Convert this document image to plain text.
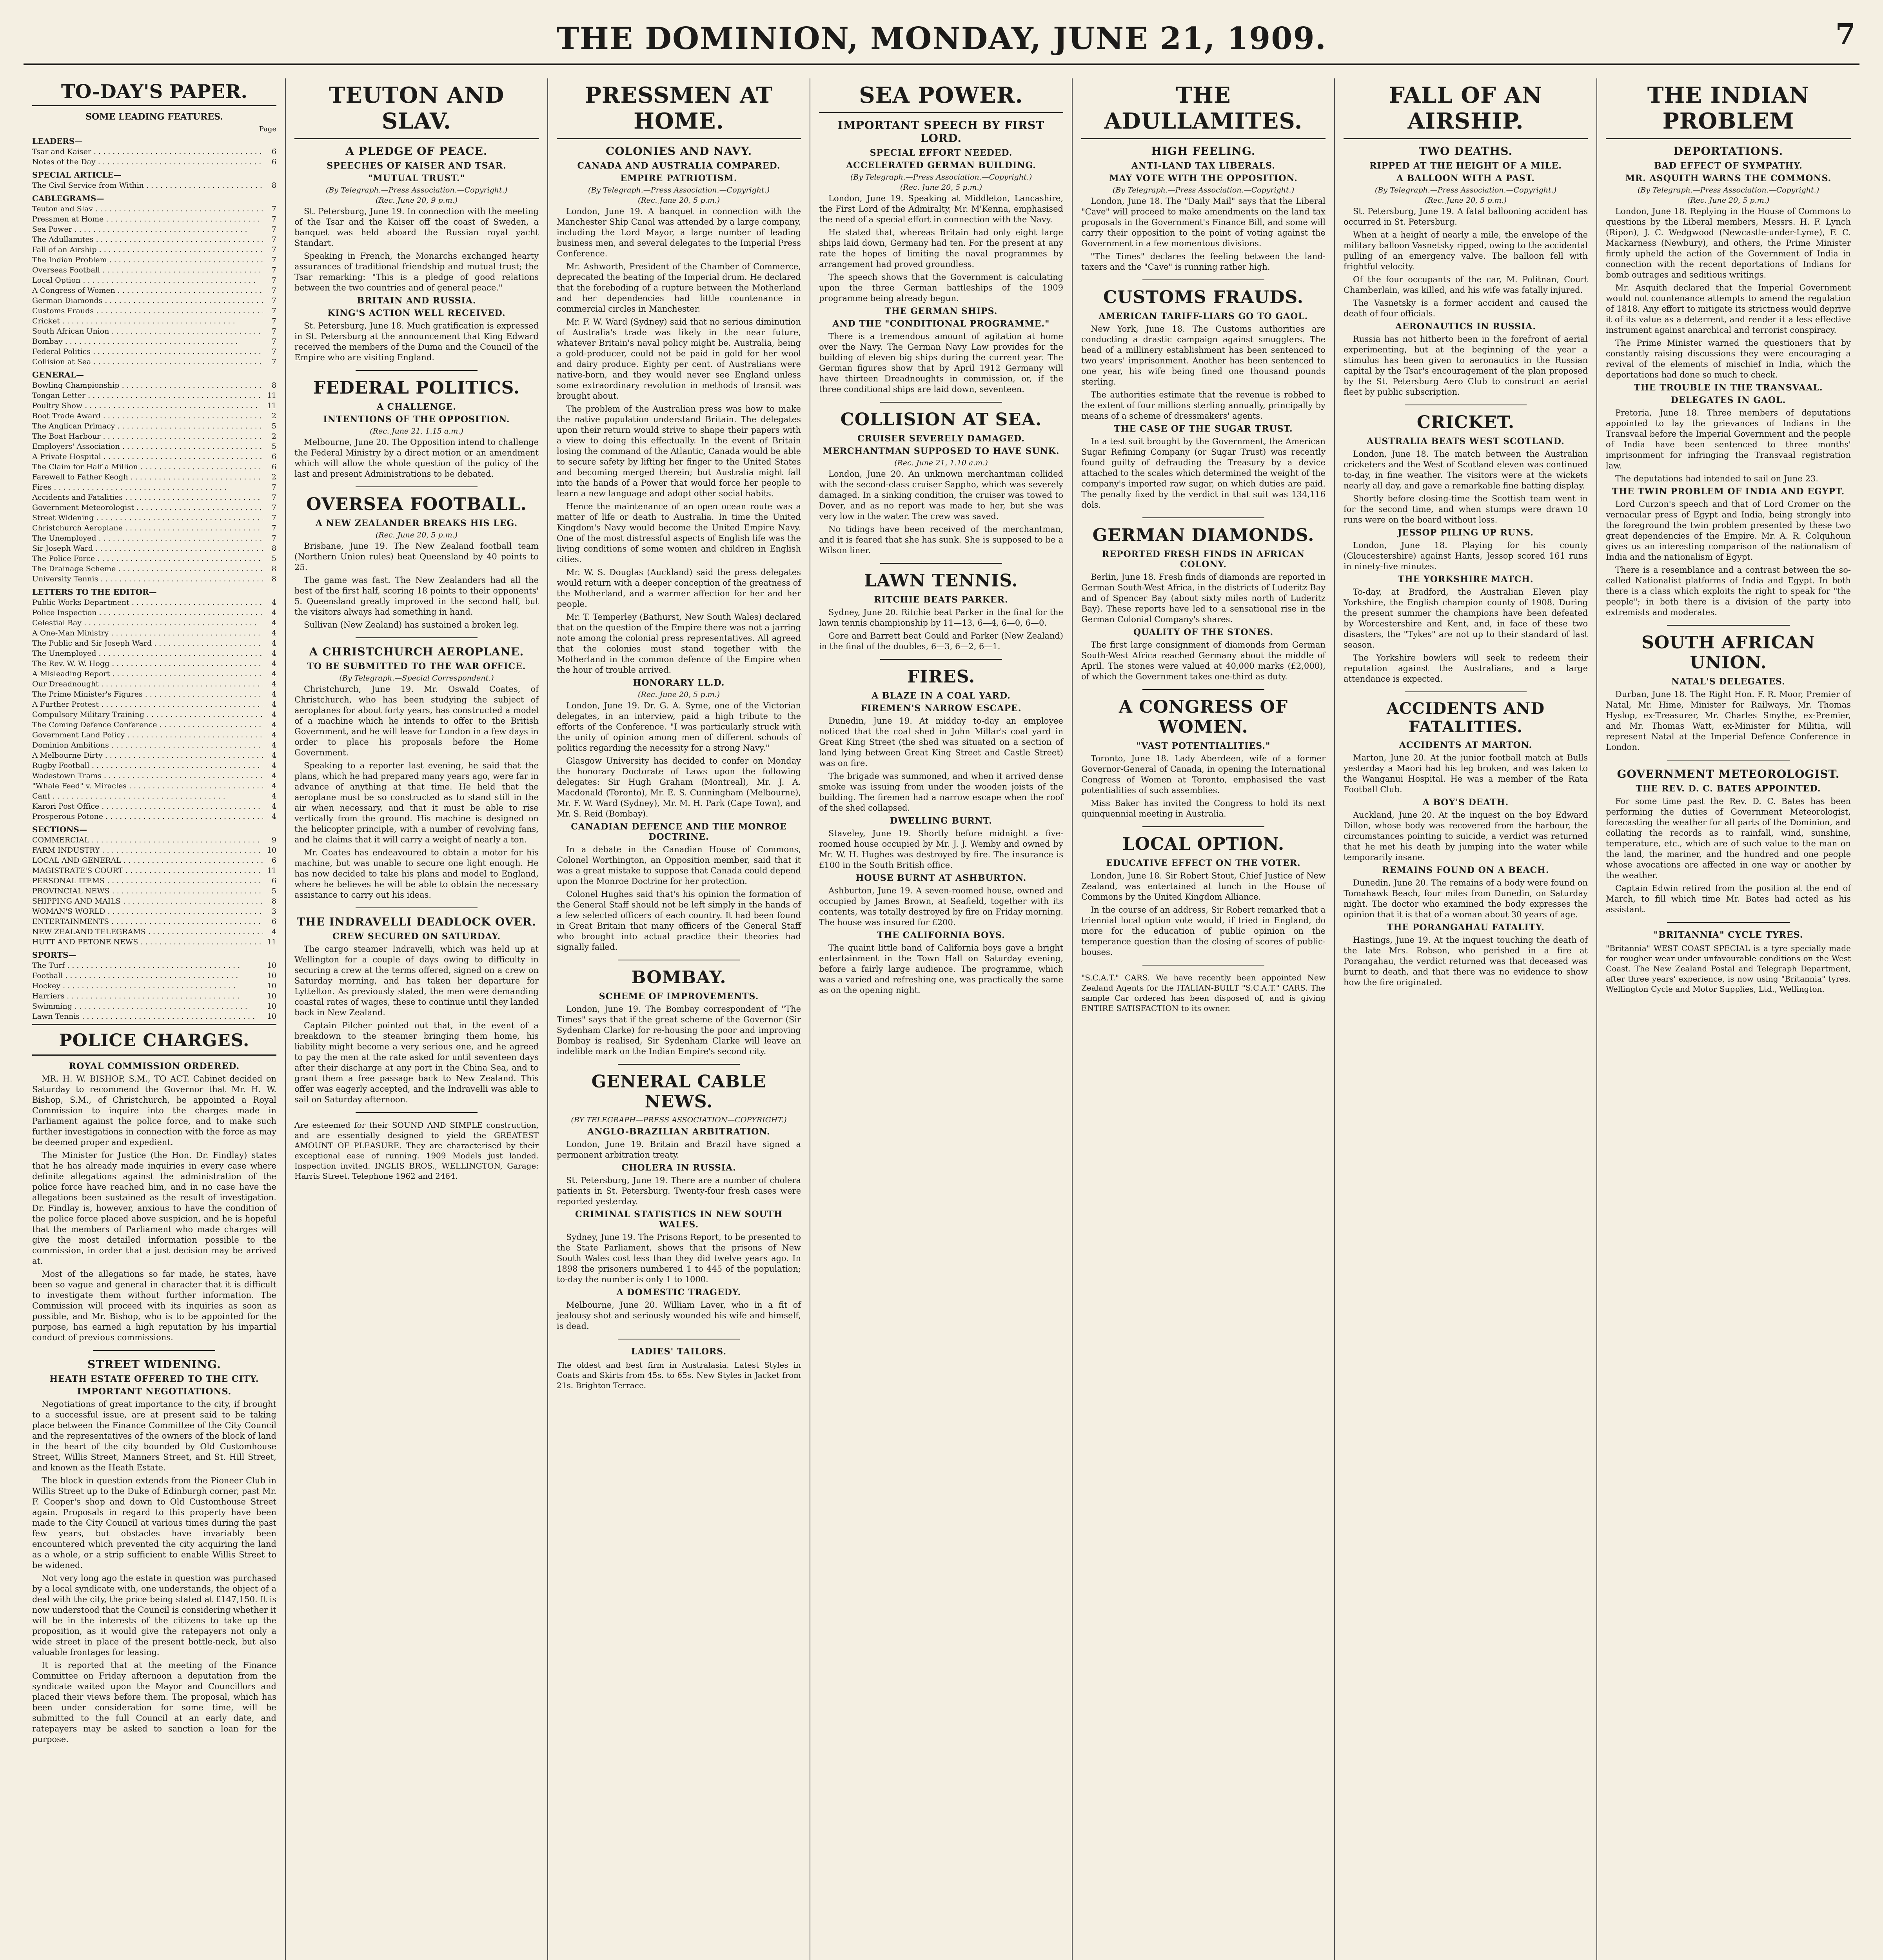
THE DOMINION, MONDAY, JUNE 21, 1909.	7
TO-DAY'S PAPER.
SOME LEADING FEATURES.
Page
LEADERS—
Tsar and Kaiser . . .	6
Notes of the Day . . .	6
SPECIAL ARTICLE—
The Civil Service from Within . . .	8
CABLEGRAMS—
Teuton and Slav . . .	7
Pressmen at Home . . .	7
Sea Power . . .	7
The Adullamites . . .	7
Fall of an Airship . . .	7
The Indian Problem . . .	7
Overseas Football . . .	7
Local Option . . .	7
A Congress of Women . . .	7
German Diamonds . . .	7
Customs Frauds . . .	7
Cricket . . .	7
South African Union . . .	7
Bombay . . .	7
Federal Politics . . .	7
Collision at Sea . . .	7
GENERAL—
Bowling Championship . . .	8
Tongan Letter . . .	11
Poultry Show . . .	11
Boot Trade Award . . .	2
The Anglican Primacy . . .	5
The Boat Harbour . . .	2
Employers' Association . . .	5
A Private Hospital . . .	6
The Claim for Half a Million . . .	6
Farewell to Father Keogh . . .	2
Fires . . .	7
Accidents and Fatalities . . .	7
Government Meteorologist . . .	7
Street Widening . . .	7
Christchurch Aeroplane . . .	7
The Unemployed . . .	7
Sir Joseph Ward . . .	8
The Police Force . . .	5
The Drainage Scheme . . .	8
University Tennis . . .	8
LETTERS TO THE EDITOR—
Public Works Department . . .	4
Police Inspection . . .	4
Celestial Bay . . .	4
A One-Man Ministry . . .	4
The Public and Sir Joseph Ward . . .	4
The Unemployed . . .	4
The Rev. W. W. Hogg . . .	4
A Misleading Report . . .	4
Our Dreadnought . . .	4
The Prime Minister's Figures . . .	4
A Further Protest . . .	4
Compulsory Military Training . . .	4
The Coming Defence Conference . . .	4
Government Land Policy . . .	4
Dominion Ambitions . . .	4
A Melbourne Dirty . . .	4
Rugby Football . . .	4
Wadestown Trams . . .	4
"Whale Feed" v. Miracles . . .	4
Cant . . .	4
Karori Post Office . . .	4
Prosperous Potone . . .	4
SECTIONS—
COMMERCIAL . . .	9
FARM INDUSTRY . . .	10
LOCAL AND GENERAL . . .	6
MAGISTRATE'S COURT . . .	11
PERSONAL ITEMS . . .	6
PROVINCIAL NEWS . . .	5
SHIPPING AND MAILS . . .	8
WOMAN'S WORLD . . .	3
ENTERTAINMENTS . . .	6
NEW ZEALAND TELEGRAMS . . .	4
HUTT AND PETONE NEWS . . .	11
SPORTS—
The Turf . . .	10
Football . . .	10
Hockey . . .	10
Harriers . . .	10
Swimming . . .	10
Lawn Tennis . . .	10
POLICE CHARGES.
ROYAL COMMISSION ORDERED.
MR. H. W. BISHOP, S.M., TO ACT. Cabinet decided on Saturday to recommend the Governor that Mr. H. W. Bishop, S.M., of Christchurch, be appointed a Royal Commission to inquire into the charges made in Parliament against the police force, and to make such further investigations in connection with the force as may be deemed proper and expedient.
The Minister for Justice (the Hon. Dr. Findlay) states that he has already made inquiries in every case where definite allegations against the administration of the police force have reached him, and in no case have the allegations been sustained as the result of investigation. Dr. Findlay is, however, anxious to have the condition of the police force placed above suspicion, and he is hopeful that the members of Parliament who made charges will give the most detailed information possible to the commission, in order that a just decision may be arrived at.
Most of the allegations so far made, he states, have been so vague and general in character that it is difficult to investigate them without further information. The Commission will proceed with its inquiries as soon as possible, and Mr. Bishop, who is to be appointed for the purpose, has earned a high reputation by his impartial conduct of previous commissions.
STREET WIDENING.
HEATH ESTATE OFFERED TO THE CITY.
IMPORTANT NEGOTIATIONS.
Negotiations of great importance to the city, if brought to a successful issue, are at present said to be taking place between the Finance Committee of the City Council and the representatives of the owners of the block of land in the heart of the city bounded by Old Customhouse Street, Willis Street, Manners Street, and St. Hill Street, and known as the Heath Estate.
The block in question extends from the Pioneer Club in Willis Street up to the Duke of Edinburgh corner, past Mr. F. Cooper's shop and down to Old Customhouse Street again. Proposals in regard to this property have been made to the City Council at various times during the past few years, but obstacles have invariably been encountered which prevented the city acquiring the land as a whole, or a strip sufficient to enable Willis Street to be widened.
Not very long ago the estate in question was purchased by a local syndicate with, one understands, the object of a deal with the city, the price being stated at £147,150. It is now understood that the Council is considering whether it will be in the interests of the citizens to take up the proposition, as it would give the ratepayers not only a wide street in place of the present bottle-neck, but also valuable frontages for leasing.
It is reported that at the meeting of the Finance Committee on Friday afternoon a deputation from the syndicate waited upon the Mayor and Councillors and placed their views before them. The proposal, which has been under consideration for some time, will be submitted to the full Council at an early date, and ratepayers may be asked to sanction a loan for the purpose.
TEUTON AND SLAV.
A PLEDGE OF PEACE.
SPEECHES OF KAISER AND TSAR.
"MUTUAL TRUST."
(By Telegraph.—Press Association.—Copyright.)
(Rec. June 20, 9 p.m.)
St. Petersburg, June 19. In connection with the meeting of the Tsar and the Kaiser off the coast of Sweden, a banquet was held aboard the Russian royal yacht Standart.
Speaking in French, the Monarchs exchanged hearty assurances of traditional friendship and mutual trust; the Tsar remarking: "This is a pledge of good relations between the two countries and of general peace."
BRITAIN AND RUSSIA.
KING'S ACTION WELL RECEIVED.
St. Petersburg, June 18. Much gratification is expressed in St. Petersburg at the announcement that King Edward received the members of the Duma and the Council of the Empire who are visiting England.
FEDERAL POLITICS.
A CHALLENGE.
INTENTIONS OF THE OPPOSITION.
(Rec. June 21, 1.15 a.m.)
Melbourne, June 20. The Opposition intend to challenge the Federal Ministry by a direct motion or an amendment which will allow the whole question of the policy of the last and present Administrations to be debated.
OVERSEA FOOTBALL.
A NEW ZEALANDER BREAKS HIS LEG.
(Rec. June 20, 5 p.m.)
Brisbane, June 19. The New Zealand football team (Northern Union rules) beat Queensland by 40 points to 25.
The game was fast. The New Zealanders had all the best of the first half, scoring 18 points to their opponents' 5. Queensland greatly improved in the second half, but the visitors always had something in hand.
Sullivan (New Zealand) has sustained a broken leg.
A CHRISTCHURCH AEROPLANE.
TO BE SUBMITTED TO THE WAR OFFICE.
(By Telegraph.—Special Correspondent.)
Christchurch, June 19. Mr. Oswald Coates, of Christchurch, who has been studying the subject of aeroplanes for about forty years, has constructed a model of a machine which he intends to offer to the British Government, and he will leave for London in a few days in order to place his proposals before the Home Government.
Speaking to a reporter last evening, he said that the plans, which he had prepared many years ago, were far in advance of anything at that time. He held that the aeroplane must be so constructed as to stand still in the air when necessary, and that it must be able to rise vertically from the ground. His machine is designed on the helicopter principle, with a number of revolving fans, and he claims that it will carry a weight of nearly a ton.
Mr. Coates has endeavoured to obtain a motor for his machine, but was unable to secure one light enough. He has now decided to take his plans and model to England, where he believes he will be able to obtain the necessary assistance to carry out his ideas.
THE INDRAVELLI DEADLOCK OVER.
CREW SECURED ON SATURDAY.
The cargo steamer Indravelli, which was held up at Wellington for a couple of days owing to difficulty in securing a crew at the terms offered, signed on a crew on Saturday morning, and has taken her departure for Lyttelton. As previously stated, the men were demanding coastal rates of wages, these to continue until they landed back in New Zealand.
Captain Pilcher pointed out that, in the event of a breakdown to the steamer bringing them home, his liability might become a very serious one, and he agreed to pay the men at the rate asked for until seventeen days after their discharge at any port in the China Sea, and to grant them a free passage back to New Zealand. This offer was eagerly accepted, and the Indravelli was able to sail on Saturday afternoon.
Are esteemed for their SOUND AND SIMPLE construction, and are essentially designed to yield the GREATEST AMOUNT OF PLEASURE. They are characterised by their exceptional ease of running. 1909 Models just landed. Inspection invited. INGLIS BROS., WELLINGTON, Garage: Harris Street. Telephone 1962 and 2464.
PRESSMEN AT HOME.
COLONIES AND NAVY.
CANADA AND AUSTRALIA COMPARED.
EMPIRE PATRIOTISM.
(By Telegraph.—Press Association.—Copyright.)
(Rec. June 20, 5 p.m.)
London, June 19. A banquet in connection with the Manchester Ship Canal was attended by a large company, including the Lord Mayor, a large number of leading business men, and several delegates to the Imperial Press Conference.
Mr. Ashworth, President of the Chamber of Commerce, deprecated the beating of the Imperial drum. He declared that the foreboding of a rupture between the Motherland and her dependencies had little countenance in commercial circles in Manchester.
Mr. F. W. Ward (Sydney) said that no serious diminution of Australia's trade was likely in the near future, whatever Britain's naval policy might be. Australia, being a gold-producer, could not be paid in gold for her wool and dairy produce. Eighty per cent. of Australians were native-born, and they would never see England unless some extraordinary revolution in methods of transit was brought about.
The problem of the Australian press was how to make the native population understand Britain. The delegates upon their return would strive to shape their papers with a view to doing this effectually. In the event of Britain losing the command of the Atlantic, Canada would be able to secure safety by lifting her finger to the United States and becoming merged therein; but Australia might fall into the hands of a Power that would force her people to learn a new language and adopt other social habits.
Hence the maintenance of an open ocean route was a matter of life or death to Australia. In time the United Kingdom's Navy would become the United Empire Navy. One of the most distressful aspects of English life was the living conditions of some women and children in English cities.
Mr. W. S. Douglas (Auckland) said the press delegates would return with a deeper conception of the greatness of the Motherland, and a warmer affection for her and her people.
Mr. T. Temperley (Bathurst, New South Wales) declared that on the question of the Empire there was not a jarring note among the colonial press representatives. All agreed that the colonies must stand together with the Motherland in the common defence of the Empire when the hour of trouble arrived.
HONORARY LL.D.
(Rec. June 20, 5 p.m.)
London, June 19. Dr. G. A. Syme, one of the Victorian delegates, in an interview, paid a high tribute to the efforts of the Conference. "I was particularly struck with the unity of opinion among men of different schools of politics regarding the necessity for a strong Navy."
Glasgow University has decided to confer on Monday the honorary Doctorate of Laws upon the following delegates: Sir Hugh Graham (Montreal), Mr. J. A. Macdonald (Toronto), Mr. E. S. Cunningham (Melbourne), Mr. F. W. Ward (Sydney), Mr. M. H. Park (Cape Town), and Mr. S. Reid (Bombay).
CANADIAN DEFENCE AND THE MONROE DOCTRINE.
In a debate in the Canadian House of Commons, Colonel Worthington, an Opposition member, said that it was a great mistake to suppose that Canada could depend upon the Monroe Doctrine for her protection.
Colonel Hughes said that's his opinion the formation of the General Staff should not be left simply in the hands of a few selected officers of each country. It had been found in Great Britain that many officers of the General Staff who brought into actual practice their theories had signally failed.
BOMBAY.
SCHEME OF IMPROVEMENTS.
London, June 19. The Bombay correspondent of "The Times" says that if the great scheme of the Governor (Sir Sydenham Clarke) for re-housing the poor and improving Bombay is realised, Sir Sydenham Clarke will leave an indelible mark on the Indian Empire's second city.
GENERAL CABLE NEWS.
(BY TELEGRAPH—PRESS ASSOCIATION—COPYRIGHT.)
ANGLO-BRAZILIAN ARBITRATION.
London, June 19. Britain and Brazil have signed a permanent arbitration treaty.
CHOLERA IN RUSSIA.
St. Petersburg, June 19. There are a number of cholera patients in St. Petersburg. Twenty-four fresh cases were reported yesterday.
CRIMINAL STATISTICS IN NEW SOUTH WALES.
Sydney, June 19. The Prisons Report, to be presented to the State Parliament, shows that the prisons of New South Wales cost less than they did twelve years ago. In 1898 the prisoners numbered 1 to 445 of the population; to-day the number is only 1 to 1000.
A DOMESTIC TRAGEDY.
Melbourne, June 20. William Laver, who in a fit of jealousy shot and seriously wounded his wife and himself, is dead.
LADIES' TAILORS.
The oldest and best firm in Australasia. Latest Styles in Coats and Skirts from 45s. to 65s. New Styles in Jacket from 21s. Brighton Terrace.
SEA POWER.
IMPORTANT SPEECH BY FIRST LORD.
SPECIAL EFFORT NEEDED.
ACCELERATED GERMAN BUILDING.
(By Telegraph.—Press Association.—Copyright.)
(Rec. June 20, 5 p.m.)
London, June 19. Speaking at Middleton, Lancashire, the First Lord of the Admiralty, Mr. M'Kenna, emphasised the need of a special effort in connection with the Navy.
He stated that, whereas Britain had only eight large ships laid down, Germany had ten. For the present at any rate the hopes of limiting the naval programmes by arrangement had proved groundless.
The speech shows that the Government is calculating upon the three German battleships of the 1909 programme being already begun.
THE GERMAN SHIPS.
AND THE "CONDITIONAL PROGRAMME."
There is a tremendous amount of agitation at home over the Navy. The German Navy Law provides for the building of eleven big ships during the current year. The German figures show that by April 1912 Germany will have thirteen Dreadnoughts in commission, or, if the three conditional ships are laid down, seventeen.
COLLISION AT SEA.
CRUISER SEVERELY DAMAGED.
MERCHANTMAN SUPPOSED TO HAVE SUNK.
(Rec. June 21, 1.10 a.m.)
London, June 20. An unknown merchantman collided with the second-class cruiser Sappho, which was severely damaged. In a sinking condition, the cruiser was towed to Dover, and as no report was made to her, but she was very low in the water. The crew was saved.
No tidings have been received of the merchantman, and it is feared that she has sunk. She is supposed to be a Wilson liner.
LAWN TENNIS.
RITCHIE BEATS PARKER.
Sydney, June 20. Ritchie beat Parker in the final for the lawn tennis championship by 11—13, 6—4, 6—0, 6—0.
Gore and Barrett beat Gould and Parker (New Zealand) in the final of the doubles, 6—3, 6—2, 6—1.
FIRES.
A BLAZE IN A COAL YARD.
FIREMEN'S NARROW ESCAPE.
Dunedin, June 19. At midday to-day an employee noticed that the coal shed in John Millar's coal yard in Great King Street (the shed was situated on a section of land lying between Great King Street and Castle Street) was on fire.
The brigade was summoned, and when it arrived dense smoke was issuing from under the wooden joists of the building. The firemen had a narrow escape when the roof of the shed collapsed.
DWELLING BURNT.
Staveley, June 19. Shortly before midnight a five-roomed house occupied by Mr. J. J. Wemby and owned by Mr. W. H. Hughes was destroyed by fire. The insurance is £100 in the South British office.
HOUSE BURNT AT ASHBURTON.
Ashburton, June 19. A seven-roomed house, owned and occupied by James Brown, at Seafield, together with its contents, was totally destroyed by fire on Friday morning. The house was insured for £200.
THE CALIFORNIA BOYS.
The quaint little band of California boys gave a bright entertainment in the Town Hall on Saturday evening, before a fairly large audience. The programme, which was a varied and refreshing one, was practically the same as on the opening night.
THE ADULLAMITES.
HIGH FEELING.
ANTI-LAND TAX LIBERALS.
MAY VOTE WITH THE OPPOSITION.
(By Telegraph.—Press Association.—Copyright.)
London, June 18. The "Daily Mail" says that the Liberal "Cave" will proceed to make amendments on the land tax proposals in the Government's Finance Bill, and some will carry their opposition to the point of voting against the Government in a few momentous divisions.
"The Times" declares the feeling between the land-taxers and the "Cave" is running rather high.
CUSTOMS FRAUDS.
AMERICAN TARIFF-LIARS GO TO GAOL.
New York, June 18. The Customs authorities are conducting a drastic campaign against smugglers. The head of a millinery establishment has been sentenced to two years' imprisonment. Another has been sentenced to one year, his wife being fined one thousand pounds sterling.
The authorities estimate that the revenue is robbed to the extent of four millions sterling annually, principally by means of a scheme of dressmakers' agents.
THE CASE OF THE SUGAR TRUST.
In a test suit brought by the Government, the American Sugar Refining Company (or Sugar Trust) was recently found guilty of defrauding the Treasury by a device attached to the scales which determined the weight of the company's imported raw sugar, on which duties are paid. The penalty fixed by the verdict in that suit was 134,116 dols.
GERMAN DIAMONDS.
REPORTED FRESH FINDS IN AFRICAN COLONY.
Berlin, June 18. Fresh finds of diamonds are reported in German South-West Africa, in the districts of Luderitz Bay and of Spencer Bay (about sixty miles north of Luderitz Bay). These reports have led to a sensational rise in the German Colonial Company's shares.
QUALITY OF THE STONES.
The first large consignment of diamonds from German South-West Africa reached Germany about the middle of April. The stones were valued at 40,000 marks (£2,000), of which the Government takes one-third as duty.
A CONGRESS OF WOMEN.
"VAST POTENTIALITIES."
Toronto, June 18. Lady Aberdeen, wife of a former Governor-General of Canada, in opening the International Congress of Women at Toronto, emphasised the vast potentialities of such assemblies.
Miss Baker has invited the Congress to hold its next quinquennial meeting in Australia.
LOCAL OPTION.
EDUCATIVE EFFECT ON THE VOTER.
London, June 18. Sir Robert Stout, Chief Justice of New Zealand, was entertained at lunch in the House of Commons by the United Kingdom Alliance.
In the course of an address, Sir Robert remarked that a triennial local option vote would, if tried in England, do more for the education of public opinion on the temperance question than the closing of scores of public-houses.
"S.C.A.T." CARS. We have recently been appointed New Zealand Agents for the ITALIAN-BUILT "S.C.A.T." CARS. The sample Car ordered has been disposed of, and is giving ENTIRE SATISFACTION to its owner.
FALL OF AN AIRSHIP.
TWO DEATHS.
RIPPED AT THE HEIGHT OF A MILE.
A BALLOON WITH A PAST.
(By Telegraph.—Press Association.—Copyright.)
(Rec. June 20, 5 p.m.)
St. Petersburg, June 19. A fatal ballooning accident has occurred in St. Petersburg.
When at a height of nearly a mile, the envelope of the military balloon Vasnetsky ripped, owing to the accidental pulling of an emergency valve. The balloon fell with frightful velocity.
Of the four occupants of the car, M. Politnan, Court Chamberlain, was killed, and his wife was fatally injured.
The Vasnetsky is a former accident and caused the death of four officials.
AERONAUTICS IN RUSSIA.
Russia has not hitherto been in the forefront of aerial experimenting, but at the beginning of the year a stimulus has been given to aeronautics in the Russian capital by the Tsar's encouragement of the plan proposed by the St. Petersburg Aero Club to construct an aerial fleet by public subscription.
CRICKET.
AUSTRALIA BEATS WEST SCOTLAND.
London, June 18. The match between the Australian cricketers and the West of Scotland eleven was continued to-day, in fine weather. The visitors were at the wickets nearly all day, and gave a remarkable fine batting display.
Shortly before closing-time the Scottish team went in for the second time, and when stumps were drawn 10 runs were on the board without loss.
JESSOP PILING UP RUNS.
London, June 18. Playing for his county (Gloucestershire) against Hants, Jessop scored 161 runs in ninety-five minutes.
THE YORKSHIRE MATCH.
To-day, at Bradford, the Australian Eleven play Yorkshire, the English champion county of 1908. During the present summer the champions have been defeated by Worcestershire and Kent, and, in face of these two disasters, the "Tykes" are not up to their standard of last season.
The Yorkshire bowlers will seek to redeem their reputation against the Australians, and a large attendance is expected.
ACCIDENTS AND FATALITIES.
ACCIDENTS AT MARTON.
Marton, June 20. At the junior football match at Bulls yesterday a Maori had his leg broken, and was taken to the Wanganui Hospital. He was a member of the Rata Football Club.
A BOY'S DEATH.
Auckland, June 20. At the inquest on the boy Edward Dillon, whose body was recovered from the harbour, the circumstances pointing to suicide, a verdict was returned that he met his death by jumping into the water while temporarily insane.
REMAINS FOUND ON A BEACH.
Dunedin, June 20. The remains of a body were found on Tomahawk Beach, four miles from Dunedin, on Saturday night. The doctor who examined the body expresses the opinion that it is that of a woman about 30 years of age.
THE PORANGAHAU FATALITY.
Hastings, June 19. At the inquest touching the death of the late Mrs. Robson, who perished in a fire at Porangahau, the verdict returned was that deceased was burnt to death, and that there was no evidence to show how the fire originated.
THE INDIAN PROBLEM
DEPORTATIONS.
BAD EFFECT OF SYMPATHY.
MR. ASQUITH WARNS THE COMMONS.
(By Telegraph.—Press Association.—Copyright.)
(Rec. June 20, 5 p.m.)
London, June 18. Replying in the House of Commons to questions by the Liberal members, Messrs. H. F. Lynch (Ripon), J. C. Wedgwood (Newcastle-under-Lyme), F. C. Mackarness (Newbury), and others, the Prime Minister firmly upheld the action of the Government of India in connection with the recent deportations of Indians for bomb outrages and seditious writings.
Mr. Asquith declared that the Imperial Government would not countenance attempts to amend the regulation of 1818. Any effort to mitigate its strictness would deprive it of its value as a deterrent, and render it a less effective instrument against anarchical and terrorist conspiracy.
The Prime Minister warned the questioners that by constantly raising discussions they were encouraging a revival of the elements of mischief in India, which the deportations had done so much to check.
THE TROUBLE IN THE TRANSVAAL.
DELEGATES IN GAOL.
Pretoria, June 18. Three members of deputations appointed to lay the grievances of Indians in the Transvaal before the Imperial Government and the people of India have been sentenced to three months' imprisonment for infringing the Transvaal registration law.
The deputations had intended to sail on June 23.
THE TWIN PROBLEM OF INDIA AND EGYPT.
Lord Curzon's speech and that of Lord Cromer on the vernacular press of Egypt and India, being strongly into the foreground the twin problem presented by these two great dependencies of the Empire. Mr. A. R. Colquhoun gives us an interesting comparison of the nationalism of India and the nationalism of Egypt.
There is a resemblance and a contrast between the so-called Nationalist platforms of India and Egypt. In both there is a class which exploits the right to speak for "the people"; in both there is a division of the party into extremists and moderates.
SOUTH AFRICAN UNION.
NATAL'S DELEGATES.
Durban, June 18. The Right Hon. F. R. Moor, Premier of Natal, Mr. Hime, Minister for Railways, Mr. Thomas Hyslop, ex-Treasurer, Mr. Charles Smythe, ex-Premier, and Mr. Thomas Watt, ex-Minister for Militia, will represent Natal at the Imperial Defence Conference in London.
GOVERNMENT METEOROLOGIST.
THE REV. D. C. BATES APPOINTED.
For some time past the Rev. D. C. Bates has been performing the duties of Government Meteorologist, forecasting the weather for all parts of the Dominion, and collating the records as to rainfall, wind, sunshine, temperature, etc., which are of such value to the man on the land, the mariner, and the hundred and one people whose avocations are affected in one way or another by the weather.
Captain Edwin retired from the position at the end of March, to fill which time Mr. Bates had acted as his assistant.
"BRITANNIA" CYCLE TYRES.
"Britannia" WEST COAST SPECIAL is a tyre specially made for rougher wear under unfavourable conditions on the West Coast. The New Zealand Postal and Telegraph Department, after three years' experience, is now using "Britannia" tyres. Wellington Cycle and Motor Supplies, Ltd., Wellington.
